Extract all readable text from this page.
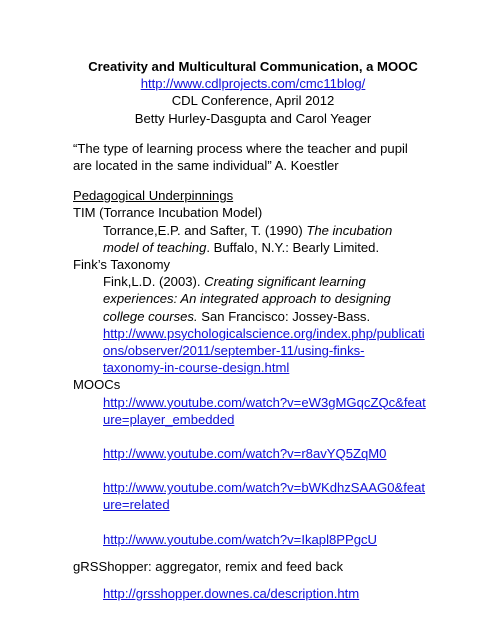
Creativity and Multicultural Communication, a MOOC
http://www.cdlprojects.com/cmc11blog/
CDL Conference, April 2012
Betty Hurley-Dasgupta and Carol Yeager
“The type of learning process where the teacher and pupil
are located in the same individual” A. Koestler
Pedagogical Underpinnings
TIM (Torrance Incubation Model)
Torrance,E.P. and Safter, T. (1990) The incubation
model of teaching. Buffalo, N.Y.: Bearly Limited.
Fink’s Taxonomy
Fink,L.D. (2003). Creating significant learning
experiences: An integrated approach to designing
college courses. San Francisco: Jossey-Bass.
http://www.psychologicalscience.org/index.php/publicati
ons/observer/2011/september-11/using-finks-
taxonomy-in-course-design.html
MOOCs
http://www.youtube.com/watch?v=eW3gMGqcZQc&feat
ure=player_embedded
http://www.youtube.com/watch?v=r8avYQ5ZqM0
http://www.youtube.com/watch?v=bWKdhzSAAG0&feat
ure=related
http://www.youtube.com/watch?v=Ikapl8PPgcU
gRSShopper: aggregator, remix and feed back
http://grsshopper.downes.ca/description.htm
